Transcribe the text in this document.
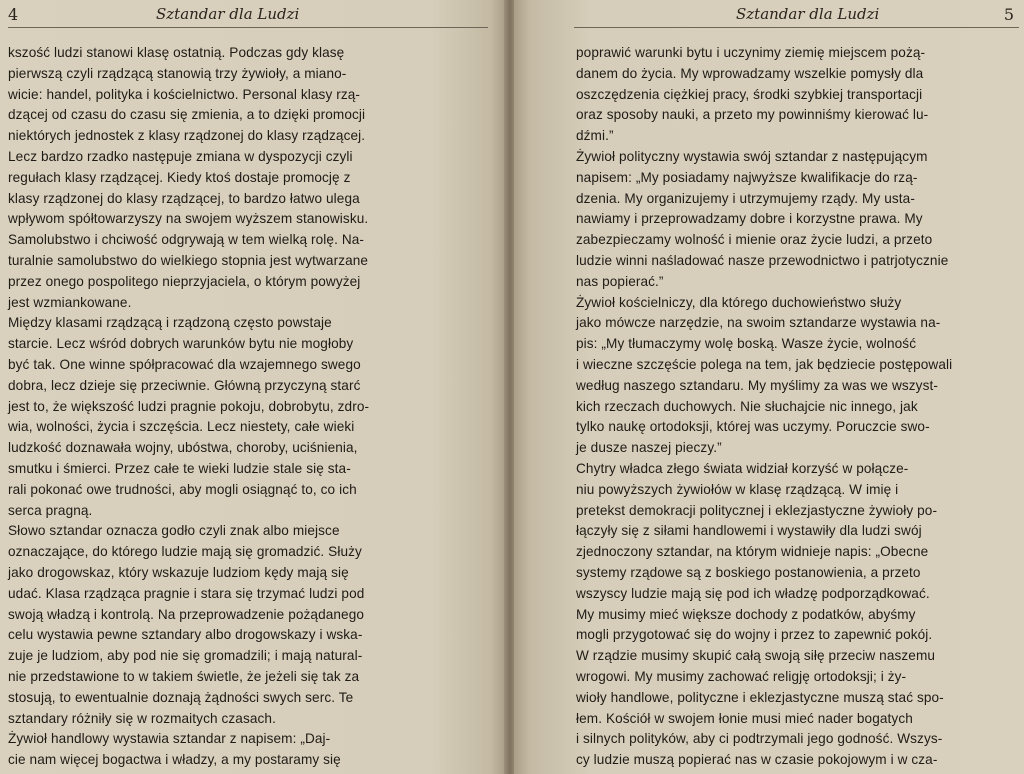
4	Sztandar dla Ludzi
kszość ludzi stanowi klasę ostatnią. Podczas gdy klasę
pierwszą czyli rządzącą stanowią trzy żywioły, a miano-
wicie: handel, polityka i kościelnictwo. Personal klasy rzą-
dzącej od czasu do czasu się zmienia, a to dzięki promocji
niektórych jednostek z klasy rządzonej do klasy rządzącej.
Lecz bardzo rzadko następuje zmiana w dyspozycji czyli
regułach klasy rządzącej. Kiedy ktoś dostaje promocję z
klasy rządzonej do klasy rządzącej, to bardzo łatwo ulega
wpływom spółtowarzyszy na swojem wyższem stanowisku.
Samolubstwo i chciwość odgrywają w tem wielką rolę. Na-
turalnie samolubstwo do wielkiego stopnia jest wytwarzane
przez onego pospolitego nieprzyjaciela, o którym powyżej
jest wzmiankowane.
Między klasami rządzącą i rządzoną często powstaje
starcie. Lecz wśród dobrych warunków bytu nie mogłoby
być tak. One winne spółpracować dla wzajemnego swego
dobra, lecz dzieje się przeciwnie. Główną przyczyną starć
jest to, że większość ludzi pragnie pokoju, dobrobytu, zdro-
wia, wolności, życia i szczęścia. Lecz niestety, całe wieki
ludzkość doznawała wojny, ubóstwa, choroby, uciśnienia,
smutku i śmierci. Przez całe te wieki ludzie stale się sta-
rali pokonać owe trudności, aby mogli osiągnąć to, co ich
serca pragną.
Słowo sztandar oznacza godło czyli znak albo miejsce
oznaczające, do którego ludzie mają się gromadzić. Służy
jako drogowskaz, który wskazuje ludziom kędy mają się
udać. Klasa rządząca pragnie i stara się trzymać ludzi pod
swoją władzą i kontrolą. Na przeprowadzenie pożądanego
celu wystawia pewne sztandary albo drogowskazy i wska-
zuje je ludziom, aby pod nie się gromadzili; i mają natural-
nie przedstawione to w takiem świetle, że jeżeli się tak za
stosują, to ewentualnie doznają żądności swych serc. Te
sztandary różniły się w rozmaitych czasach.
Żywioł handlowy wystawia sztandar z napisem: „Daj-
cie nam więcej bogactwa i władzy, a my postaramy się
Sztandar dla Ludzi	5
poprawić warunki bytu i uczynimy ziemię miejscem pożą-
danem do życia. My wprowadzamy wszelkie pomysły dla
oszczędzenia ciężkiej pracy, środki szybkiej transportacji
oraz sposoby nauki, a przeto my powinniśmy kierować lu-
dźmi.”
Żywioł polityczny wystawia swój sztandar z następującym
napisem: „My posiadamy najwyższe kwalifikacje do rzą-
dzenia. My organizujemy i utrzymujemy rządy. My usta-
nawiamy i przeprowadzamy dobre i korzystne prawa. My
zabezpieczamy wolność i mienie oraz życie ludzi, a przeto
ludzie winni naśladować nasze przewodnictwo i patrjotycznie
nas popierać.”
Żywioł kościelniczy, dla którego duchowieństwo służy
jako mówcze narzędzie, na swoim sztandarze wystawia na-
pis: „My tłumaczymy wolę boską. Wasze życie, wolność
i wieczne szczęście polega na tem, jak będziecie postępowali
według naszego sztandaru. My myślimy za was we wszyst-
kich rzeczach duchowych. Nie słuchajcie nic innego, jak
tylko naukę ortodoksji, której was uczymy. Poruczcie swo-
je dusze naszej pieczy.”
Chytry władca złego świata widział korzyść w połącze-
niu powyższych żywiołów w klasę rządzącą. W imię i
pretekst demokracji politycznej i eklezjastyczne żywioły po-
łączyły się z siłami handlowemi i wystawiły dla ludzi swój
zjednoczony sztandar, na którym widnieje napis: „Obecne
systemy rządowe są z boskiego postanowienia, a przeto
wszyscy ludzie mają się pod ich władzę podporządkować.
My musimy mieć większe dochody z podatków, abyśmy
mogli przygotować się do wojny i przez to zapewnić pokój.
W rządzie musimy skupić całą swoją siłę przeciw naszemu
wrogowi. My musimy zachować religję ortodoksji; i ży-
wioły handlowe, polityczne i eklezjastyczne muszą stać spo-
łem. Kościół w swojem łonie musi mieć nader bogatych
i silnych polityków, aby ci podtrzymali jego godność. Wszys-
cy ludzie muszą popierać nas w czasie pokojowym i w cza-
